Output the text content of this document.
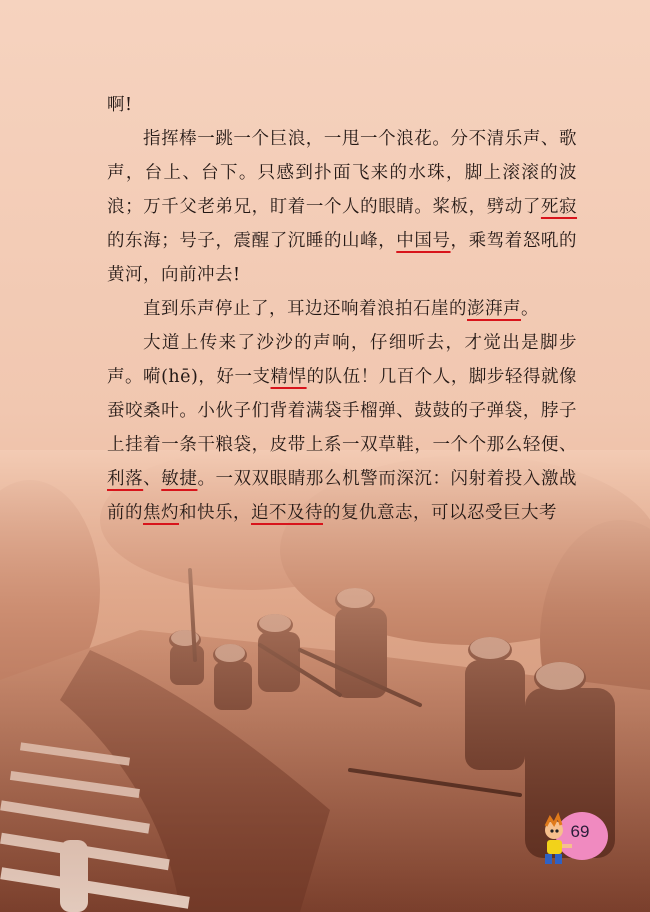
啊!

指挥棒一跳一个巨浪，一甩一个浪花。分不清乐声、歌声，台上、台下。只感到扑面飞来的水珠，脚上滚滚的波浪；万千父老弟兄，盯着一个人的眼睛。桨板，劈动了死寂的东海；号子，震醒了沉睡的山峰，中国号，乘驾着怒吼的黄河，向前冲去!

直到乐声停止了，耳边还响着浪拍石崖的澎湃声。

大道上传来了沙沙的声响，仔细听去，才觉出是脚步声。嗬(hē)，好一支精悍的队伍！几百个人，脚步轻得就像蚕咬桑叶。小伙子们背着满袋手榴弹、鼓鼓的子弹袋，脖子上挂着一条干粮袋，皮带上系一双草鞋，一个个那么轻便、利落、敏捷。一双双眼睛那么机警而深沉：闪射着投入激战前的焦灼和快乐，迫不及待的复仇意志，可以忍受巨大考

69
